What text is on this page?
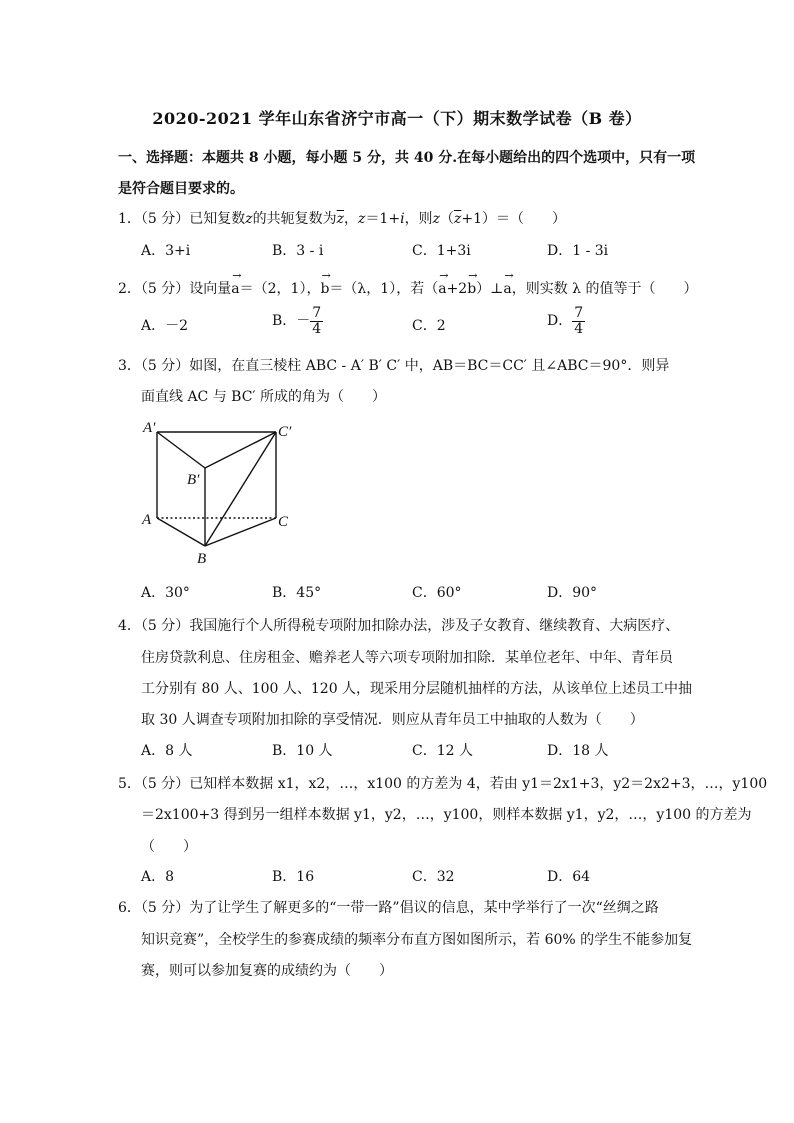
2020-2021 学年山东省济宁市高一（下）期末数学试卷（B 卷）
一、选择题：本题共 8 小题，每小题 5 分，共 40 分.在每小题给出的四个选项中，只有一项
是符合题目要求的。
1．（5 分）已知复数z的共轭复数为$\overline{z}$，z＝1+i，则$z(\overline{z}+1)=$（　　）
A．3+i	B．3 - i	C．1+3i	D．1 - 3i
2．（5 分）设向量
→
a＝（2，1），
→
b＝（λ，1），若（
→
a+2
→
b）⊥
→
a，则实数 λ 的值等于（　　）
A．－2	B．－ $\frac{7}{4}$	C．2	D． $\frac{7}{4}$
3．（5 分）如图，在直三棱柱 ABC - A′ B′ C′ 中，AB＝BC＝CC′ 且∠ABC＝90°．则异
面直线 AC 与 BC′ 所成的角为（　　）
A′	C′
B′
A	C
B
A．30°	B．45°	C．60°	D．90°
4．（5 分）我国施行个人所得税专项附加扣除办法，涉及子女教育、继续教育、大病医疗、
住房贷款利息、住房租金、赡养老人等六项专项附加扣除．某单位老年、中年、青年员
工分别有 80 人、100 人、120 人，现采用分层随机抽样的方法，从该单位上述员工中抽
取 30 人调查专项附加扣除的享受情况．则应从青年员工中抽取的人数为（　　）
A．8 人	B．10 人	C．12 人	D．18 人
5．（5 分）已知样本数据 x1，x2，…，x100 的方差为 4，若由 y1＝2x1+3，y2＝2x2+3，…，y100
＝2x100+3 得到另一组样本数据 y1，y2，…，y100，则样本数据 y1，y2，…，y100 的方差为
（　　）
A．8	B．16	C．32	D．64
6．（5 分）为了让学生了解更多的“一带一路”倡议的信息，某中学举行了一次“丝绸之路
知识竞赛”，全校学生的参赛成绩的频率分布直方图如图所示，若 60% 的学生不能参加复
赛，则可以参加复赛的成绩约为（　　）
